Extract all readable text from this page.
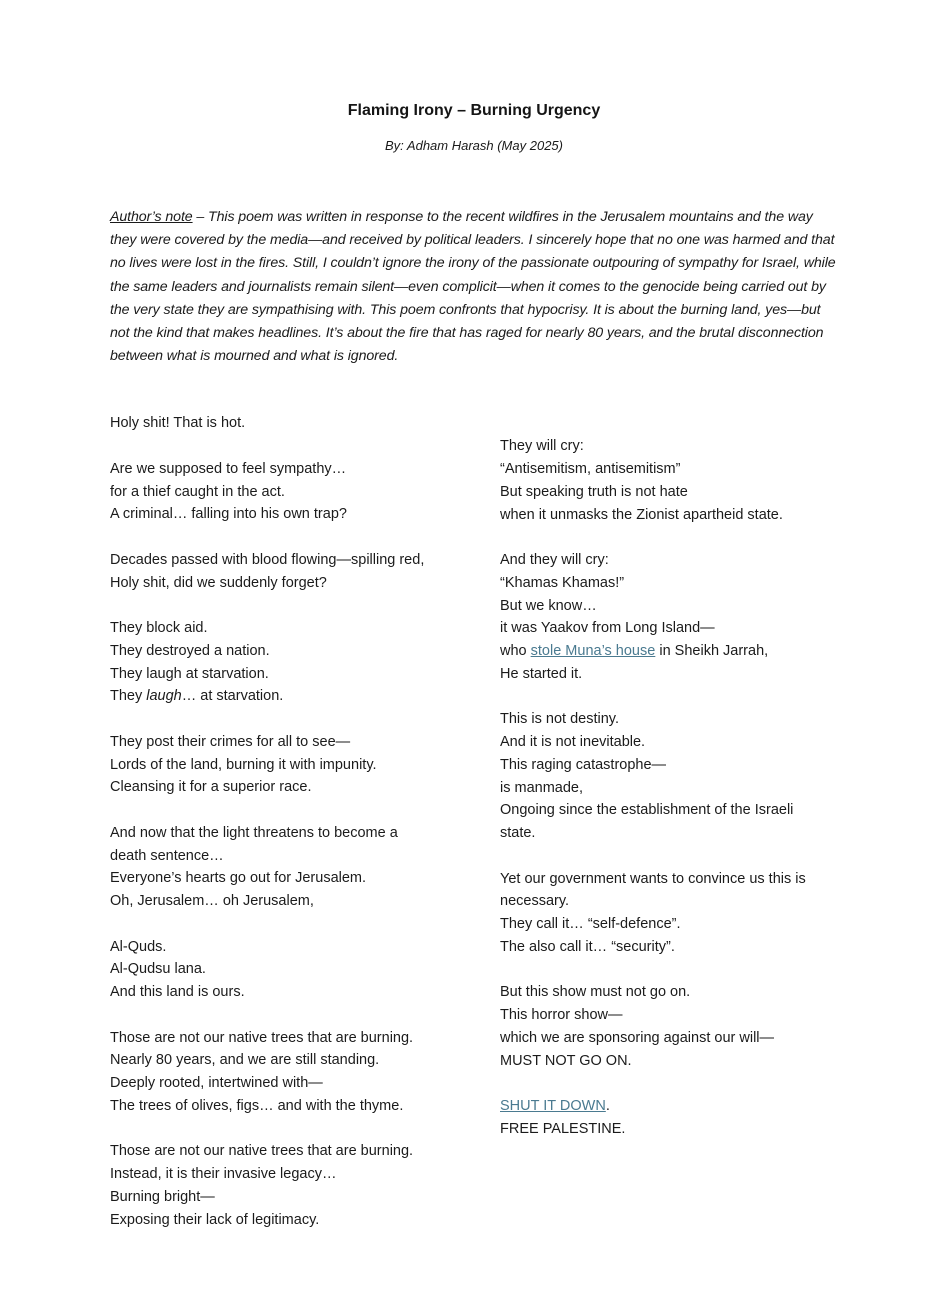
Flaming Irony – Burning Urgency
By: Adham Harash (May 2025)

Author’s note – This poem was written in response to the recent wildfires in the Jerusalem mountains and the way they were covered by the media—and received by political leaders. I sincerely hope that no one was harmed and that no lives were lost in the fires. Still, I couldn’t ignore the irony of the passionate outpouring of sympathy for Israel, while the same leaders and journalists remain silent—even complicit—when it comes to the genocide being carried out by the very state they are sympathising with. This poem confronts that hypocrisy. It is about the burning land, yes—but not the kind that makes headlines. It’s about the fire that has raged for nearly 80 years, and the brutal disconnection between what is mourned and what is ignored.

Holy shit! That is hot.
Are we supposed to feel sympathy…
for a thief caught in the act.
A criminal… falling into his own trap?
Decades passed with blood flowing—spilling red,
Holy shit, did we suddenly forget?
They block aid.
They destroyed a nation.
They laugh at starvation.
They laugh… at starvation.
They post their crimes for all to see—
Lords of the land, burning it with impunity.
Cleansing it for a superior race.
And now that the light threatens to become a
death sentence…
Everyone’s hearts go out for Jerusalem.
Oh, Jerusalem… oh Jerusalem,
Al-Quds.
Al-Qudsu lana.
And this land is ours.
Those are not our native trees that are burning.
Nearly 80 years, and we are still standing.
Deeply rooted, intertwined with—
The trees of olives, figs… and with the thyme.
Those are not our native trees that are burning.
Instead, it is their invasive legacy…
Burning bright—
Exposing their lack of legitimacy.
They will cry:
“Antisemitism, antisemitism”
But speaking truth is not hate
when it unmasks the Zionist apartheid state.
And they will cry:
“Khamas Khamas!”
But we know…
it was Yaakov from Long Island—
who stole Muna’s house in Sheikh Jarrah,
He started it.
This is not destiny.
And it is not inevitable.
This raging catastrophe—
is manmade,
Ongoing since the establishment of the Israeli
state.
Yet our government wants to convince us this is
necessary.
They call it… “self-defence”.
The also call it… “security”.
But this show must not go on.
This horror show—
which we are sponsoring against our will—
MUST NOT GO ON.
SHUT IT DOWN.
FREE PALESTINE.
